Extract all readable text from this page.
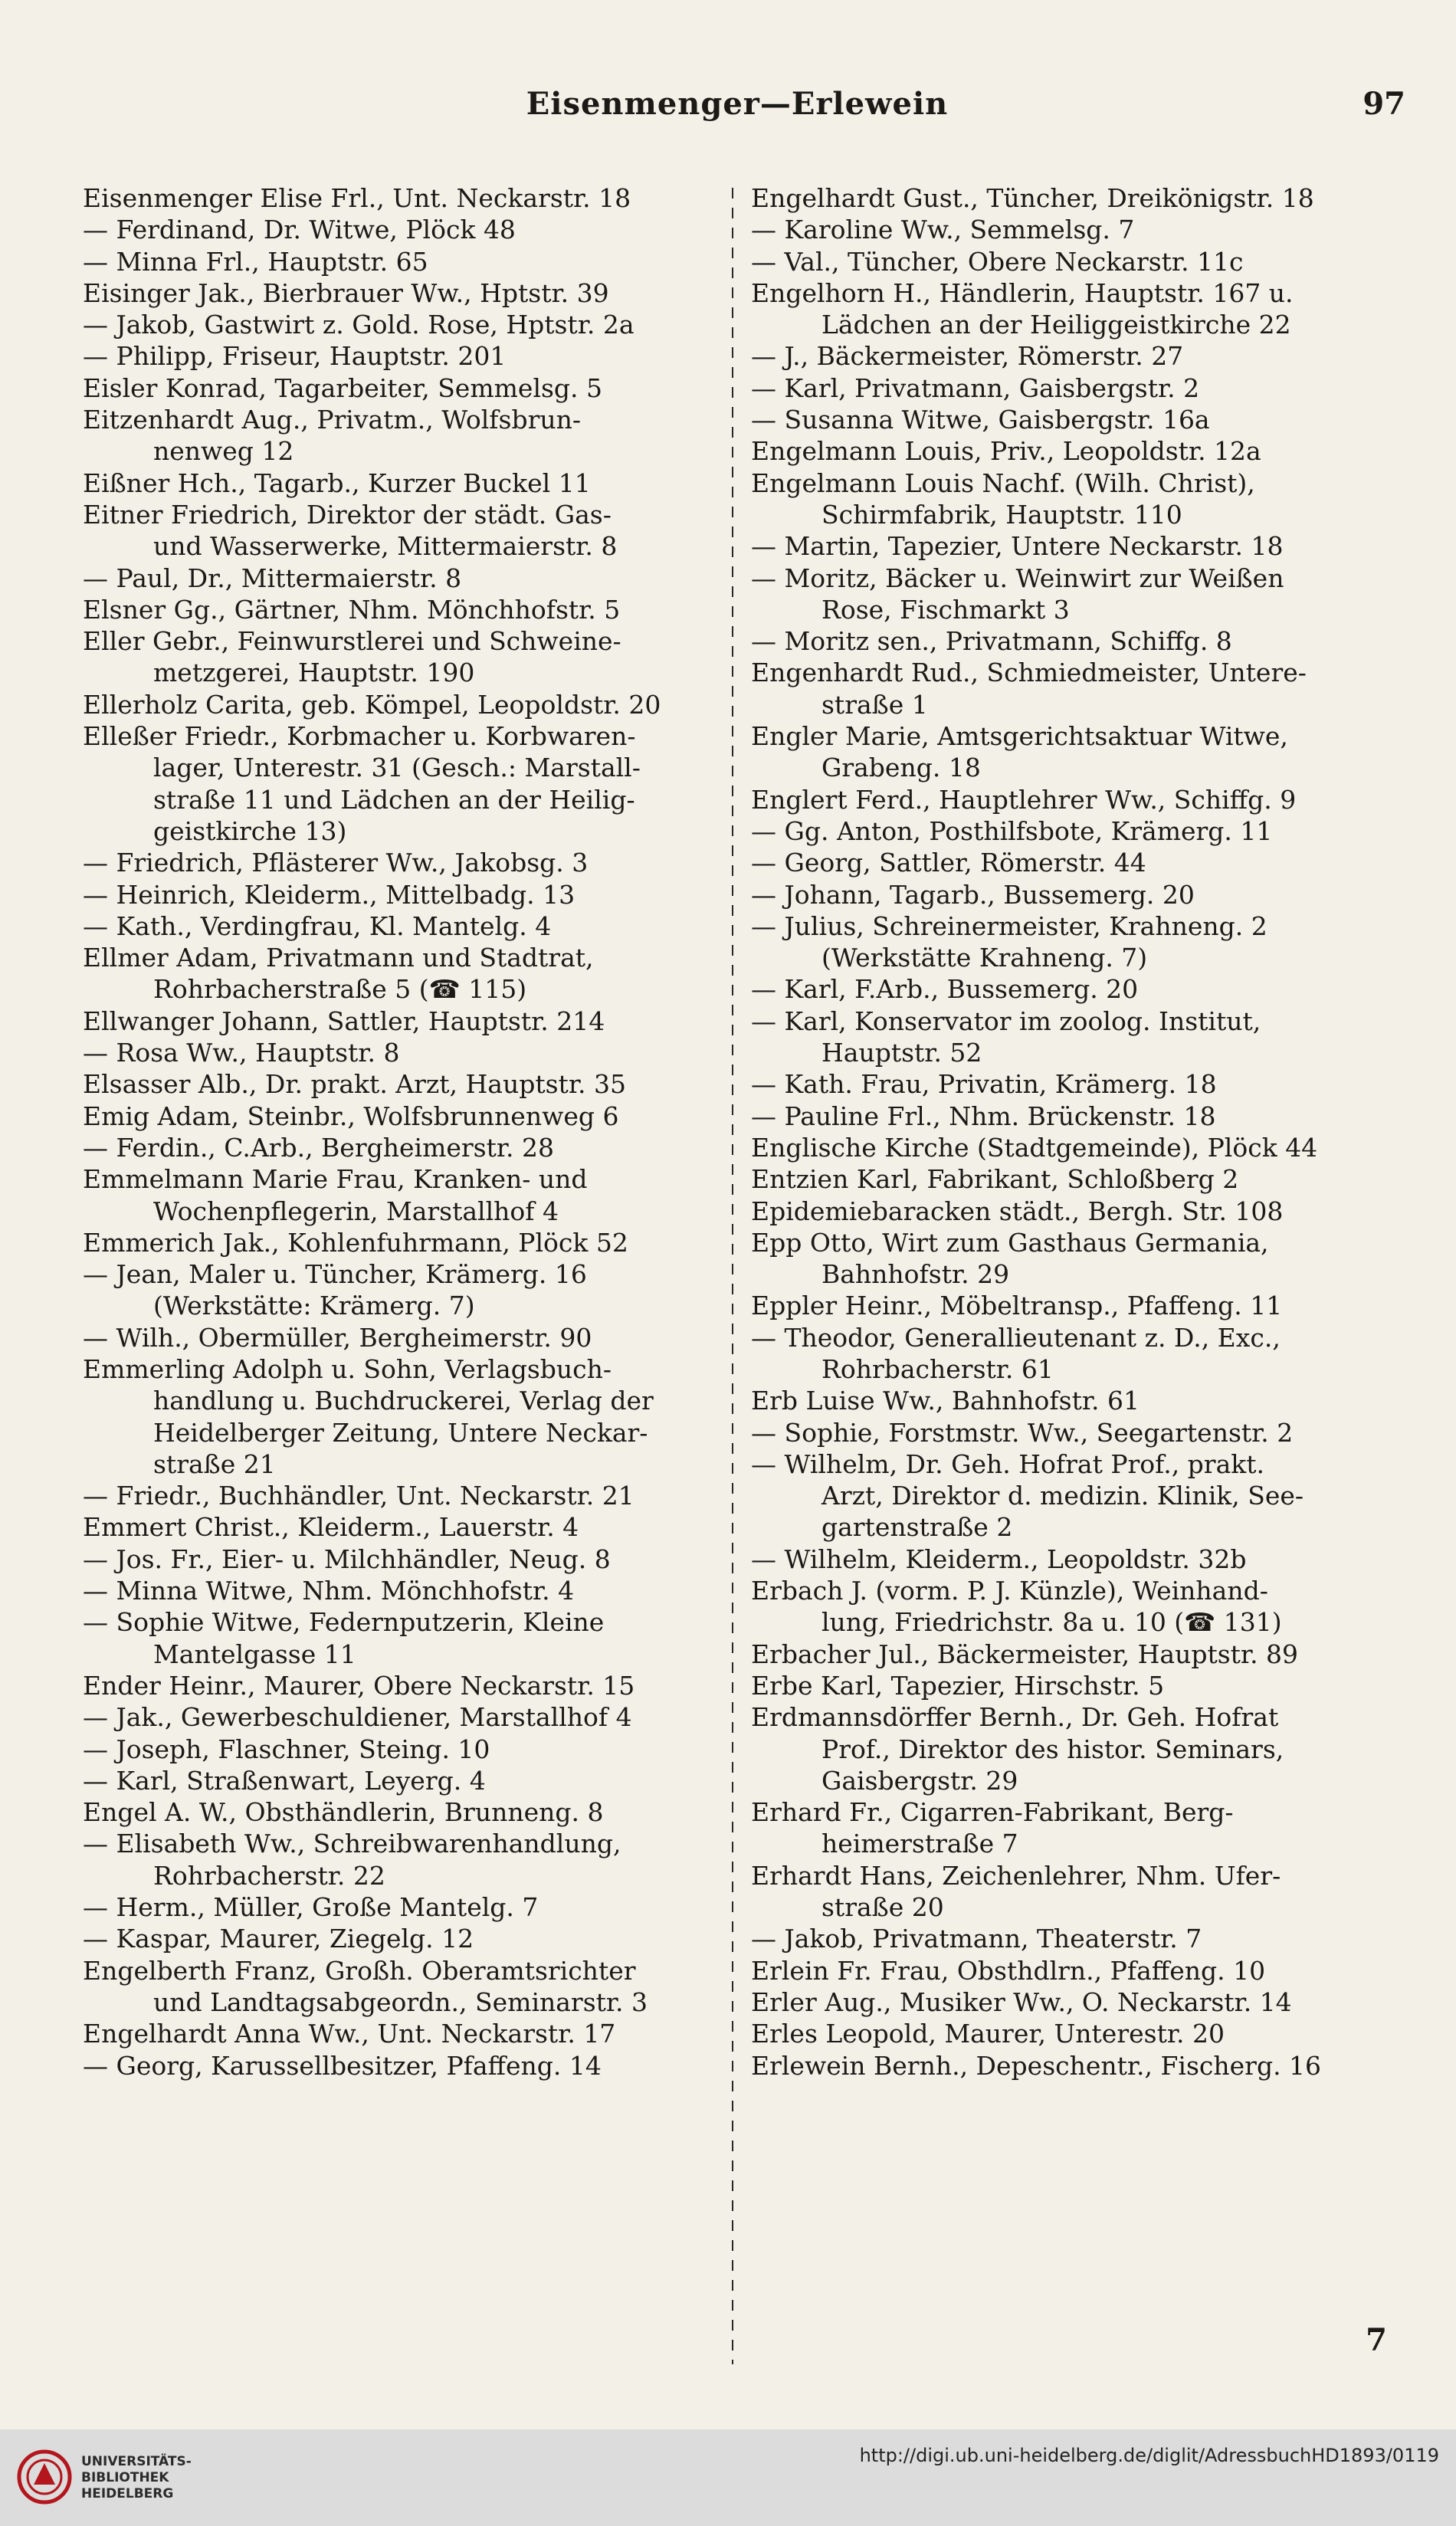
Eisenmenger—Erlewein	97
Eisenmenger Elise Frl., Unt. Neckarstr. 18
— Ferdinand, Dr. Witwe, Plöck 48
— Minna Frl., Hauptstr. 65
Eisinger Jak., Bierbrauer Ww., Hptstr. 39
— Jakob, Gastwirt z. Gold. Rose, Hptstr. 2a
— Philipp, Friseur, Hauptstr. 201
Eisler Konrad, Tagarbeiter, Semmelsg. 5
Eitzenhardt Aug., Privatm., Wolfsbrun-
nenweg 12
Eißner Hch., Tagarb., Kurzer Buckel 11
Eitner Friedrich, Direktor der städt. Gas-
und Wasserwerke, Mittermaierstr. 8
— Paul, Dr., Mittermaierstr. 8
Elsner Gg., Gärtner, Nhm. Mönchhofstr. 5
Eller Gebr., Feinwurstlerei und Schweine-
metzgerei, Hauptstr. 190
Ellerholz Carita, geb. Kömpel, Leopoldstr. 20
Elleßer Friedr., Korbmacher u. Korbwaren-
lager, Unterestr. 31 (Gesch.: Marstall-
straße 11 und Lädchen an der Heilig-
geistkirche 13)
— Friedrich, Pflästerer Ww., Jakobsg. 3
— Heinrich, Kleiderm., Mittelbadg. 13
— Kath., Verdingfrau, Kl. Mantelg. 4
Ellmer Adam, Privatmann und Stadtrat,
Rohrbacherstraße 5 (☎ 115)
Ellwanger Johann, Sattler, Hauptstr. 214
— Rosa Ww., Hauptstr. 8
Elsasser Alb., Dr. prakt. Arzt, Hauptstr. 35
Emig Adam, Steinbr., Wolfsbrunnenweg 6
— Ferdin., C.Arb., Bergheimerstr. 28
Emmelmann Marie Frau, Kranken- und
Wochenpflegerin, Marstallhof 4
Emmerich Jak., Kohlenfuhrmann, Plöck 52
— Jean, Maler u. Tüncher, Krämerg. 16
(Werkstätte: Krämerg. 7)
— Wilh., Obermüller, Bergheimerstr. 90
Emmerling Adolph u. Sohn, Verlagsbuch-
handlung u. Buchdruckerei, Verlag der
Heidelberger Zeitung, Untere Neckar-
straße 21
— Friedr., Buchhändler, Unt. Neckarstr. 21
Emmert Christ., Kleiderm., Lauerstr. 4
— Jos. Fr., Eier- u. Milchhändler, Neug. 8
— Minna Witwe, Nhm. Mönchhofstr. 4
— Sophie Witwe, Federnputzerin, Kleine
Mantelgasse 11
Ender Heinr., Maurer, Obere Neckarstr. 15
— Jak., Gewerbeschuldiener, Marstallhof 4
— Joseph, Flaschner, Steing. 10
— Karl, Straßenwart, Leyerg. 4
Engel A. W., Obsthändlerin, Brunneng. 8
— Elisabeth Ww., Schreibwarenhandlung,
Rohrbacherstr. 22
— Herm., Müller, Große Mantelg. 7
— Kaspar, Maurer, Ziegelg. 12
Engelberth Franz, Großh. Oberamtsrichter
und Landtagsabgeordn., Seminarstr. 3
Engelhardt Anna Ww., Unt. Neckarstr. 17
— Georg, Karussellbesitzer, Pfaffeng. 14
Engelhardt Gust., Tüncher, Dreikönigstr. 18
— Karoline Ww., Semmelsg. 7
— Val., Tüncher, Obere Neckarstr. 11c
Engelhorn H., Händlerin, Hauptstr. 167 u.
Lädchen an der Heiliggeistkirche 22
— J., Bäckermeister, Römerstr. 27
— Karl, Privatmann, Gaisbergstr. 2
— Susanna Witwe, Gaisbergstr. 16a
Engelmann Louis, Priv., Leopoldstr. 12a
Engelmann Louis Nachf. (Wilh. Christ),
Schirmfabrik, Hauptstr. 110
— Martin, Tapezier, Untere Neckarstr. 18
— Moritz, Bäcker u. Weinwirt zur Weißen
Rose, Fischmarkt 3
— Moritz sen., Privatmann, Schiffg. 8
Engenhardt Rud., Schmiedmeister, Untere-
straße 1
Engler Marie, Amtsgerichtsaktuar Witwe,
Grabeng. 18
Englert Ferd., Hauptlehrer Ww., Schiffg. 9
— Gg. Anton, Posthilfsbote, Krämerg. 11
— Georg, Sattler, Römerstr. 44
— Johann, Tagarb., Bussemerg. 20
— Julius, Schreinermeister, Krahneng. 2
(Werkstätte Krahneng. 7)
— Karl, F.Arb., Bussemerg. 20
— Karl, Konservator im zoolog. Institut,
Hauptstr. 52
— Kath. Frau, Privatin, Krämerg. 18
— Pauline Frl., Nhm. Brückenstr. 18
Englische Kirche (Stadtgemeinde), Plöck 44
Entzien Karl, Fabrikant, Schloßberg 2
Epidemiebaracken städt., Bergh. Str. 108
Epp Otto, Wirt zum Gasthaus Germania,
Bahnhofstr. 29
Eppler Heinr., Möbeltransp., Pfaffeng. 11
— Theodor, Generallieutenant z. D., Exc.,
Rohrbacherstr. 61
Erb Luise Ww., Bahnhofstr. 61
— Sophie, Forstmstr. Ww., Seegartenstr. 2
— Wilhelm, Dr. Geh. Hofrat Prof., prakt.
Arzt, Direktor d. medizin. Klinik, See-
gartenstraße 2
— Wilhelm, Kleiderm., Leopoldstr. 32b
Erbach J. (vorm. P. J. Künzle), Weinhand-
lung, Friedrichstr. 8a u. 10 (☎ 131)
Erbacher Jul., Bäckermeister, Hauptstr. 89
Erbe Karl, Tapezier, Hirschstr. 5
Erdmannsdörffer Bernh., Dr. Geh. Hofrat
Prof., Direktor des histor. Seminars,
Gaisbergstr. 29
Erhard Fr., Cigarren-Fabrikant, Berg-
heimerstraße 7
Erhardt Hans, Zeichenlehrer, Nhm. Ufer-
straße 20
— Jakob, Privatmann, Theaterstr. 7
Erlein Fr. Frau, Obsthdlrn., Pfaffeng. 10
Erler Aug., Musiker Ww., O. Neckarstr. 14
Erles Leopold, Maurer, Unterestr. 20
Erlewein Bernh., Depeschentr., Fischerg. 16
7
UNIVERSITÄTS-
BIBLIOTHEK
HEIDELBERG
http://digi.ub.uni-heidelberg.de/diglit/AdressbuchHD1893/0119
